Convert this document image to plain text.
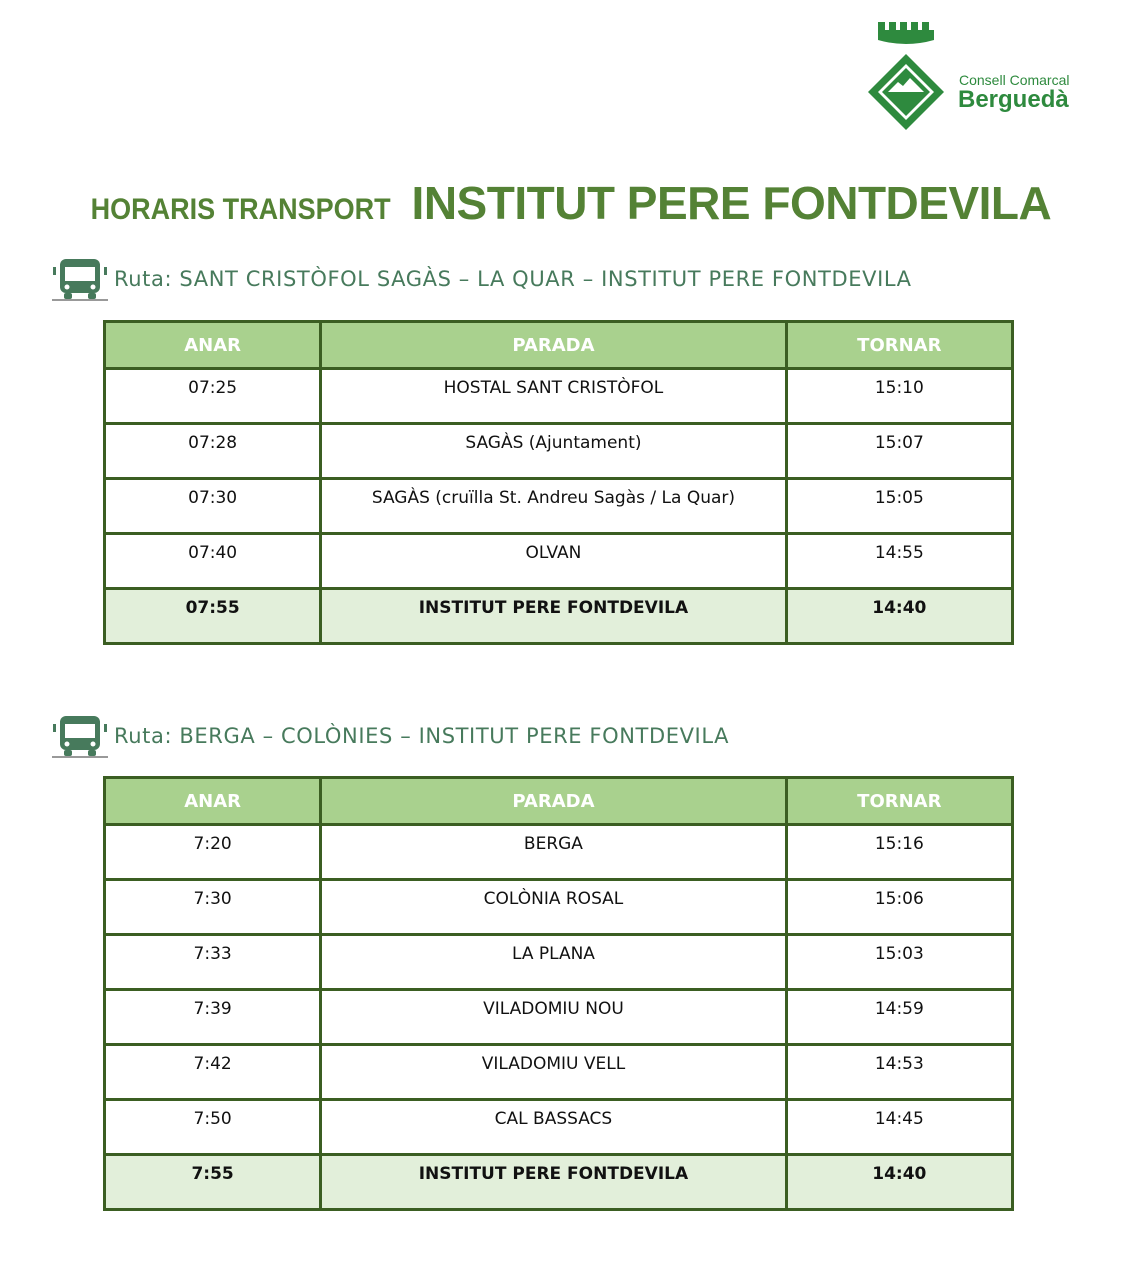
Consell Comarcal
Berguedà
HORARIS TRANSPORT INSTITUT PERE FONTDEVILA
Ruta: SANT CRISTÒFOL SAGÀS – LA QUAR – INSTITUT PERE FONTDEVILA
ANAR	PARADA	TORNAR
07:25	HOSTAL SANT CRISTÒFOL	15:10
07:28	SAGÀS (Ajuntament)	15:07
07:30	SAGÀS (cruïlla St. Andreu Sagàs / La Quar)	15:05
07:40	OLVAN	14:55
07:55	INSTITUT PERE FONTDEVILA	14:40
Ruta: BERGA – COLÒNIES – INSTITUT PERE FONTDEVILA
ANAR	PARADA	TORNAR
7:20	BERGA	15:16
7:30	COLÒNIA ROSAL	15:06
7:33	LA PLANA	15:03
7:39	VILADOMIU NOU	14:59
7:42	VILADOMIU VELL	14:53
7:50	CAL BASSACS	14:45
7:55	INSTITUT PERE FONTDEVILA	14:40
